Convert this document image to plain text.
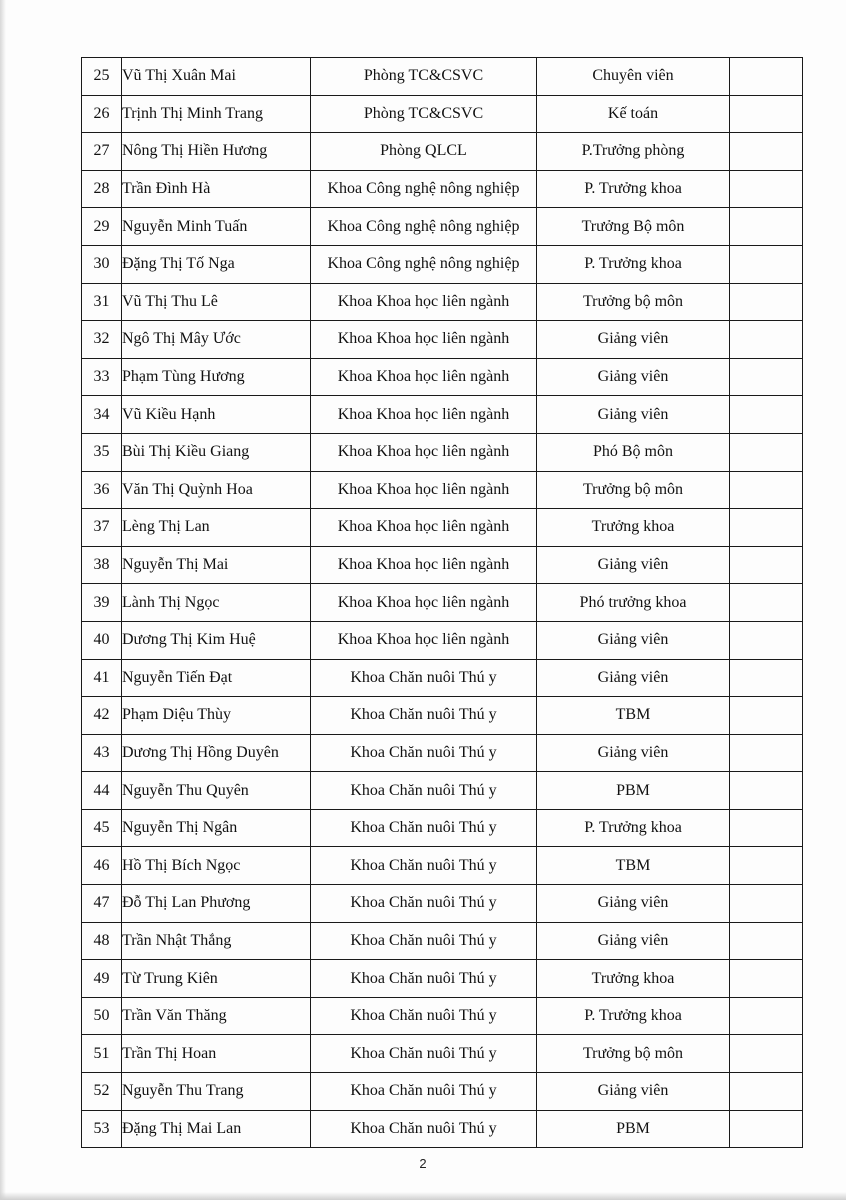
25	Vũ Thị Xuân Mai	Phòng TC&CSVC	Chuyên viên	
26	Trịnh Thị Minh Trang	Phòng TC&CSVC	Kế toán	
27	Nông Thị Hiền Hương	Phòng QLCL	P.Trưởng phòng	
28	Trần Đình Hà	Khoa Công nghệ nông nghiệp	P. Trưởng khoa	
29	Nguyễn Minh Tuấn	Khoa Công nghệ nông nghiệp	Trưởng Bộ môn	
30	Đặng Thị Tố Nga	Khoa Công nghệ nông nghiệp	P. Trưởng khoa	
31	Vũ Thị Thu Lê	Khoa Khoa học liên ngành	Trưởng bộ môn	
32	Ngô Thị Mây Ước	Khoa Khoa học liên ngành	Giảng viên	
33	Phạm Tùng Hương	Khoa Khoa học liên ngành	Giảng viên	
34	Vũ Kiều Hạnh	Khoa Khoa học liên ngành	Giảng viên	
35	Bùi Thị Kiều Giang	Khoa Khoa học liên ngành	Phó Bộ môn	
36	Văn Thị Quỳnh Hoa	Khoa Khoa học liên ngành	Trưởng bộ môn	
37	Lèng Thị Lan	Khoa Khoa học liên ngành	Trưởng khoa	
38	Nguyễn Thị Mai	Khoa Khoa học liên ngành	Giảng viên	
39	Lành Thị Ngọc	Khoa Khoa học liên ngành	Phó trưởng khoa	
40	Dương Thị Kim Huệ	Khoa Khoa học liên ngành	Giảng viên	
41	Nguyễn Tiến Đạt	Khoa Chăn nuôi Thú y	Giảng viên	
42	Phạm Diệu Thùy	Khoa Chăn nuôi Thú y	TBM	
43	Dương Thị Hồng Duyên	Khoa Chăn nuôi Thú y	Giảng viên	
44	Nguyễn Thu Quyên	Khoa Chăn nuôi Thú y	PBM	
45	Nguyễn Thị Ngân	Khoa Chăn nuôi Thú y	P. Trưởng khoa	
46	Hồ Thị Bích Ngọc	Khoa Chăn nuôi Thú y	TBM	
47	Đỗ Thị Lan Phương	Khoa Chăn nuôi Thú y	Giảng viên	
48	Trần Nhật Thắng	Khoa Chăn nuôi Thú y	Giảng viên	
49	Từ Trung Kiên	Khoa Chăn nuôi Thú y	Trưởng khoa	
50	Trần Văn Thăng	Khoa Chăn nuôi Thú y	P. Trưởng khoa	
51	Trần Thị Hoan	Khoa Chăn nuôi Thú y	Trưởng bộ môn	
52	Nguyễn Thu Trang	Khoa Chăn nuôi Thú y	Giảng viên	
53	Đặng Thị Mai Lan	Khoa Chăn nuôi Thú y	PBM	
2
